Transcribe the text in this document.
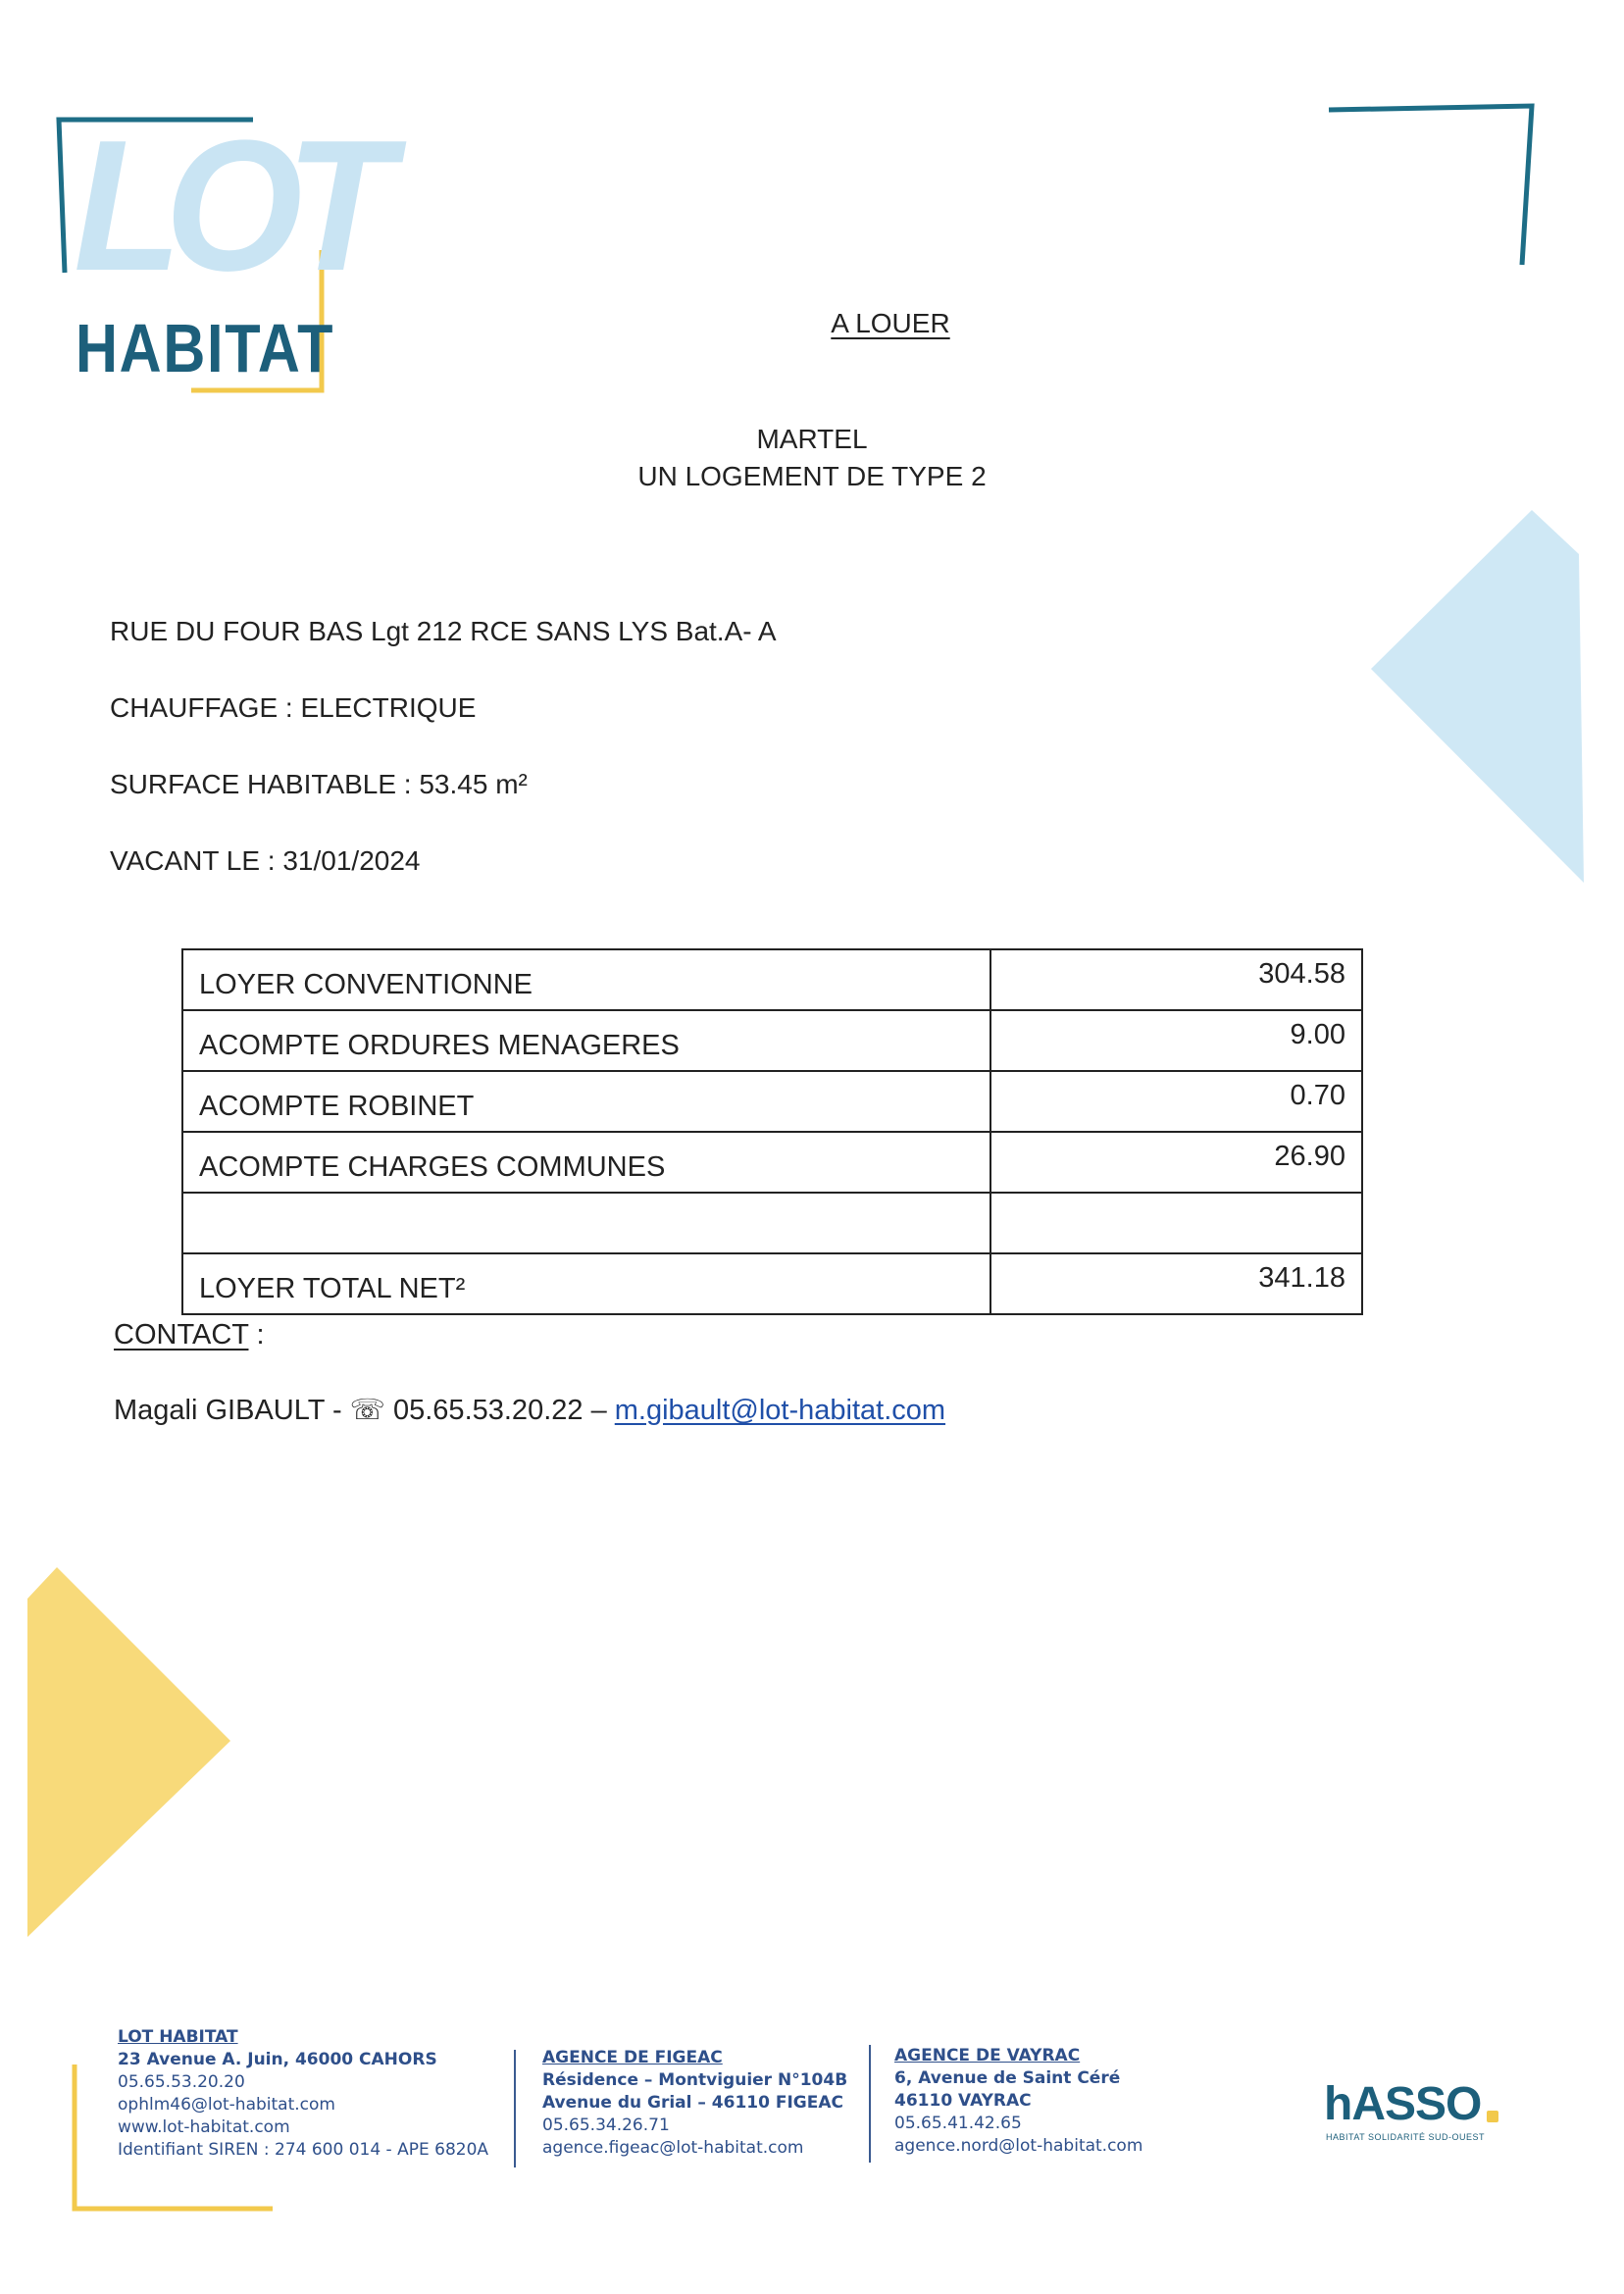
LOT
HABITAT	A LOUER
MARTEL
UN LOGEMENT DE TYPE 2
RUE DU FOUR BAS Lgt 212 RCE SANS LYS Bat.A- A
CHAUFFAGE : ELECTRIQUE
SURFACE HABITABLE : 53.45 m²
VACANT LE : 31/01/2024
LOYER CONVENTIONNE	304.58
ACOMPTE ORDURES MENAGERES	9.00
ACOMPTE ROBINET	0.70
ACOMPTE CHARGES COMMUNES	26.90

LOYER TOTAL NET²	341.18
CONTACT :
Magali GIBAULT - ☏ 05.65.53.20.22 – m.gibault@lot-habitat.com
LOT HABITAT
23 Avenue A. Juin, 46000 CAHORS
05.65.53.20.20
ophlm46@lot-habitat.com
www.lot-habitat.com
Identifiant SIREN : 274 600 014 - APE 6820A
AGENCE DE FIGEAC
Résidence – Montviguier N°104B
Avenue du Grial – 46110 FIGEAC
05.65.34.26.71
agence.figeac@lot-habitat.com
AGENCE DE VAYRAC
6, Avenue de Saint Céré
46110 VAYRAC
05.65.41.42.65
agence.nord@lot-habitat.com
hASSO
HABITAT SOLIDARITÉ SUD-OUEST
